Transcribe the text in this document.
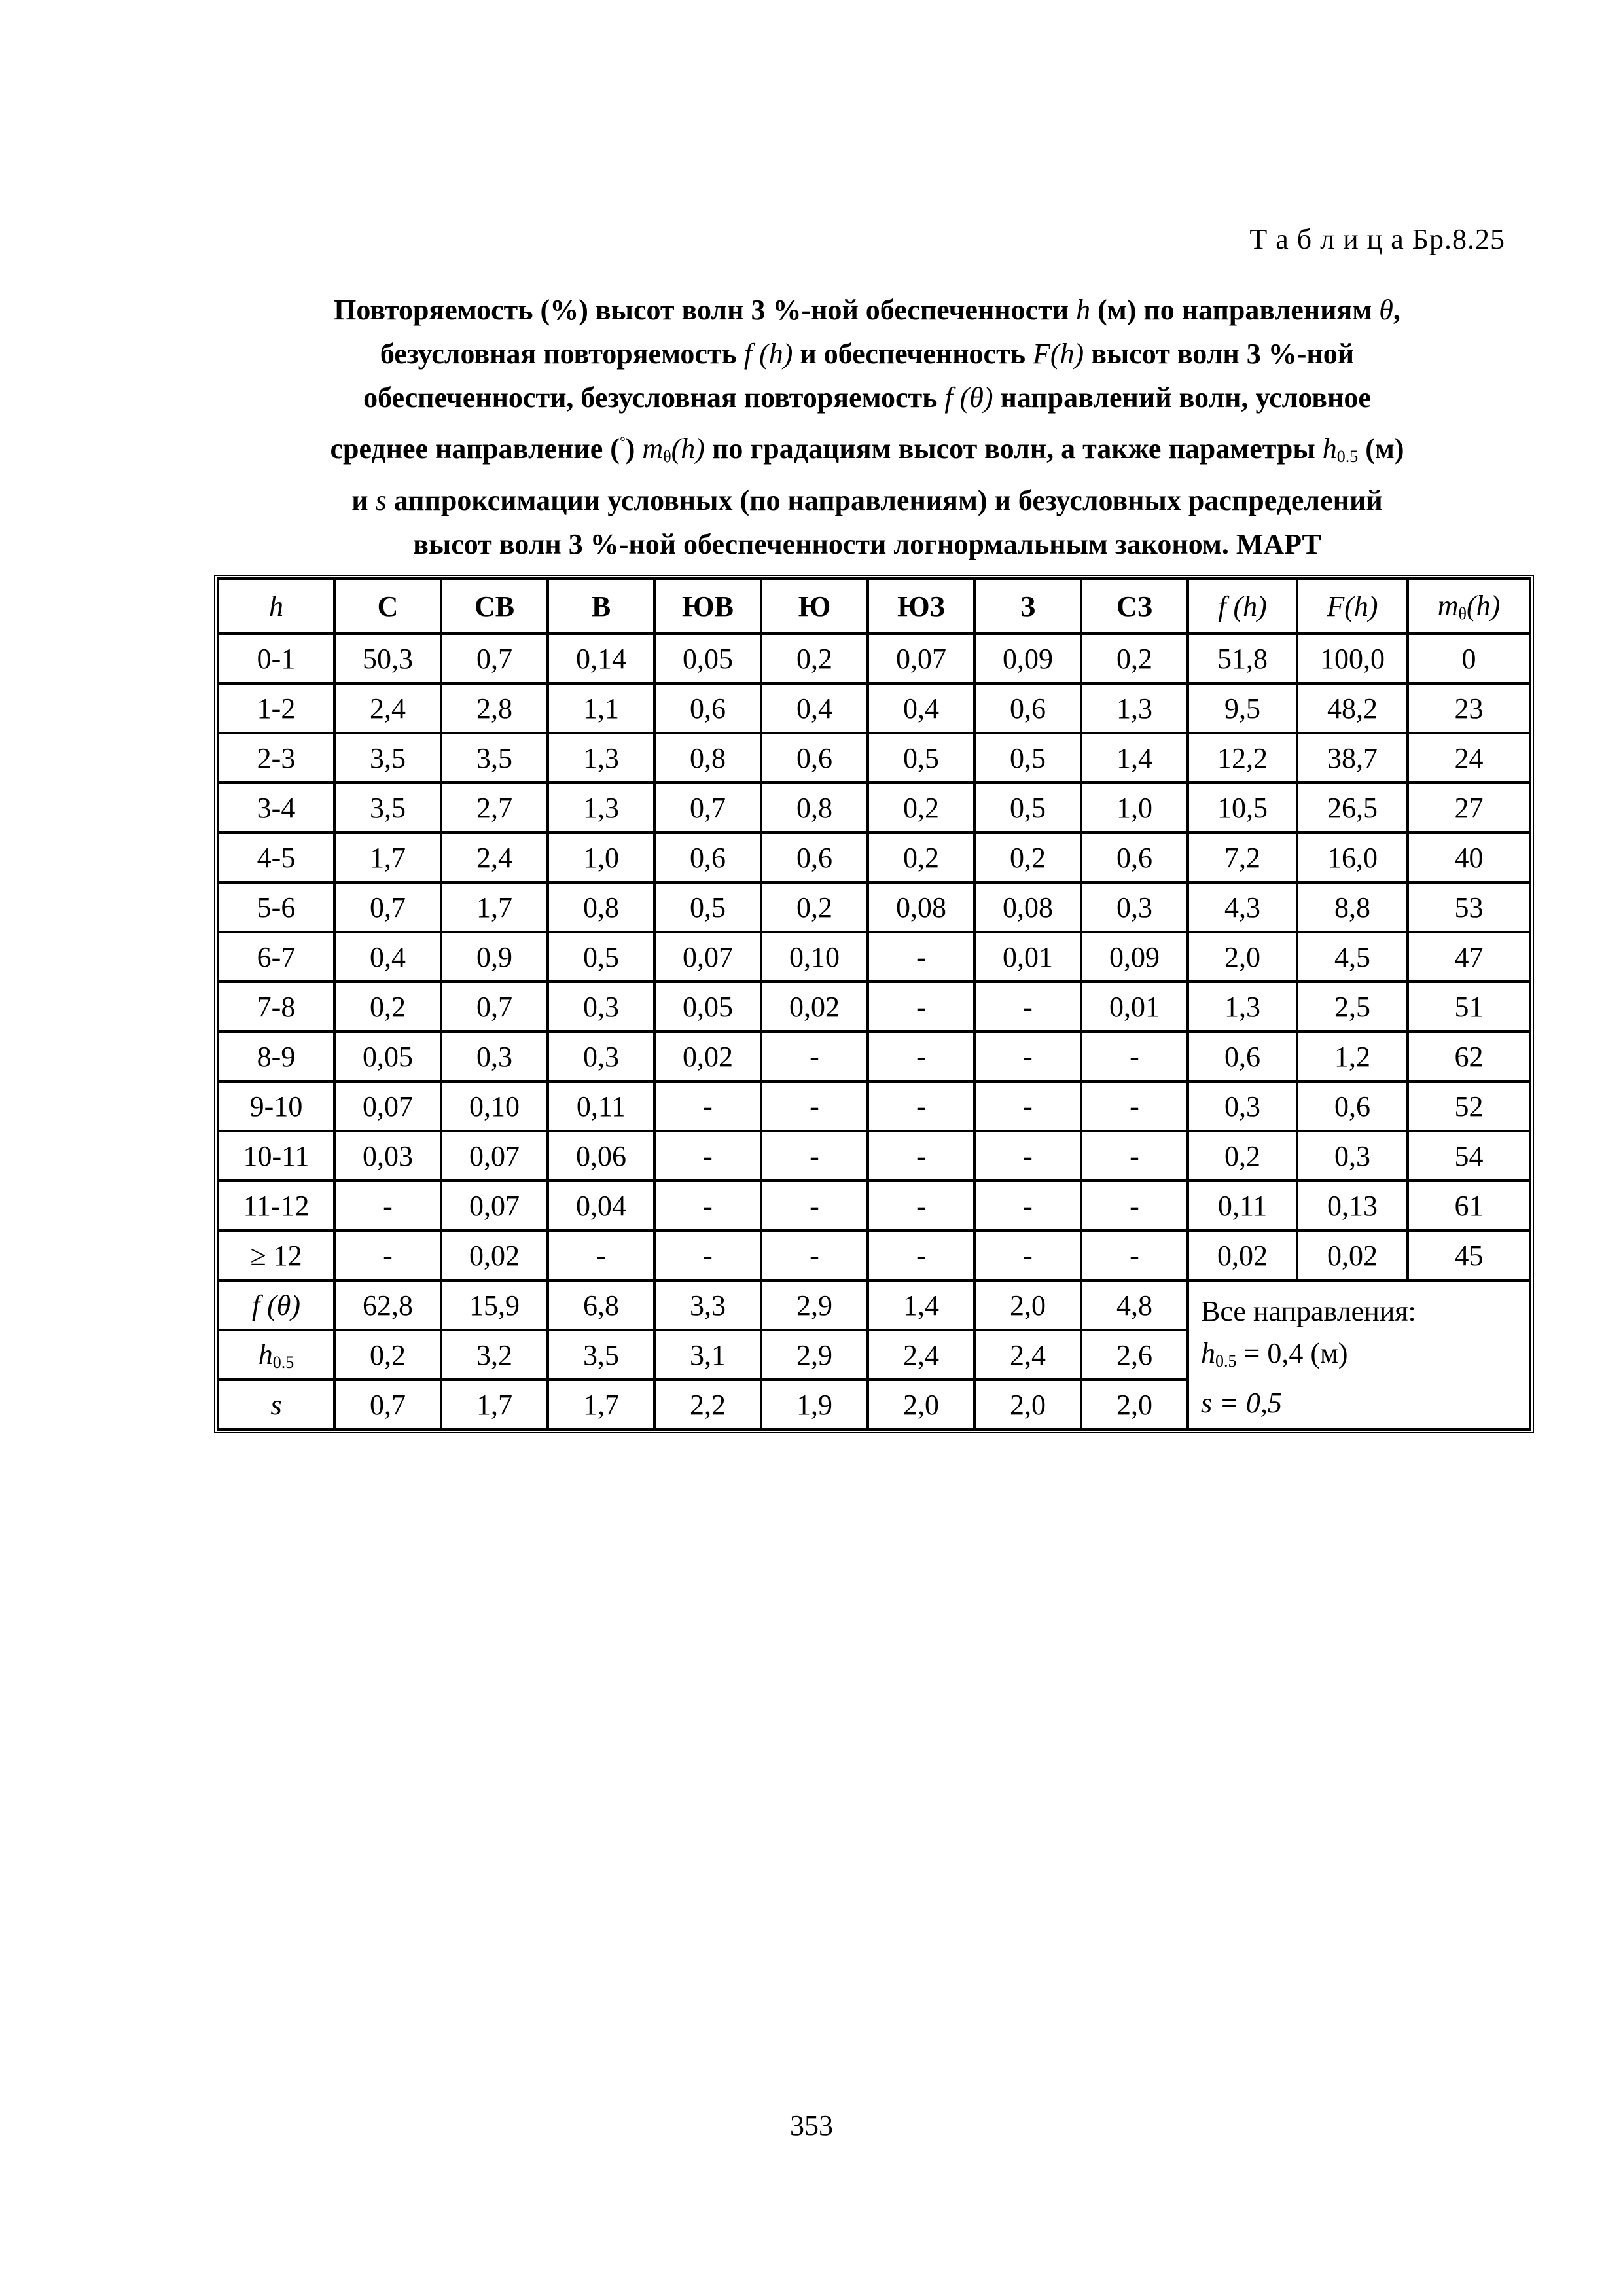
Т а б л и ц а Бр.8.25
Повторяемость (%) высот волн 3 %-ной обеспеченности h (м) по направлениям θ,
безусловная повторяемость f (h) и обеспеченность F(h) высот волн 3 %-ной
обеспеченности, безусловная повторяемость f (θ) направлений волн, условное
среднее направление (°) $m_\theta(h)$ по градациям высот волн, а также параметры $h_{0.5}$ (м)
и s аппроксимации условных (по направлениям) и безусловных распределений
высот волн 3 %-ной обеспеченности логнормальным законом. МАРТ
h	С	СВ	В	ЮВ	Ю	ЮЗ	З	СЗ	f (h)	F(h)	$m_\theta(h)$
0-1	50,3	0,7	0,14	0,05	0,2	0,07	0,09	0,2	51,8	100,0	0
1-2	2,4	2,8	1,1	0,6	0,4	0,4	0,6	1,3	9,5	48,2	23
2-3	3,5	3,5	1,3	0,8	0,6	0,5	0,5	1,4	12,2	38,7	24
3-4	3,5	2,7	1,3	0,7	0,8	0,2	0,5	1,0	10,5	26,5	27
4-5	1,7	2,4	1,0	0,6	0,6	0,2	0,2	0,6	7,2	16,0	40
5-6	0,7	1,7	0,8	0,5	0,2	0,08	0,08	0,3	4,3	8,8	53
6-7	0,4	0,9	0,5	0,07	0,10	-	0,01	0,09	2,0	4,5	47
7-8	0,2	0,7	0,3	0,05	0,02	-	-	0,01	1,3	2,5	51
8-9	0,05	0,3	0,3	0,02	-	-	-	-	0,6	1,2	62
9-10	0,07	0,10	0,11	-	-	-	-	-	0,3	0,6	52
10-11	0,03	0,07	0,06	-	-	-	-	-	0,2	0,3	54
11-12	-	0,07	0,04	-	-	-	-	-	0,11	0,13	61
≥ 12	-	0,02	-	-	-	-	-	-	0,02	0,02	45
f (θ)	62,8	15,9	6,8	3,3	2,9	1,4	2,0	4,8	Все направления:
$h_{0.5} = 0,4$ (м)
s = 0,5		

$h_{0.5}$	0,2	3,2	3,5	3,1	2,9	2,4	2,4	2,6			
s	0,7	1,7	1,7	2,2	1,9	2,0	2,0	2,0			
353
